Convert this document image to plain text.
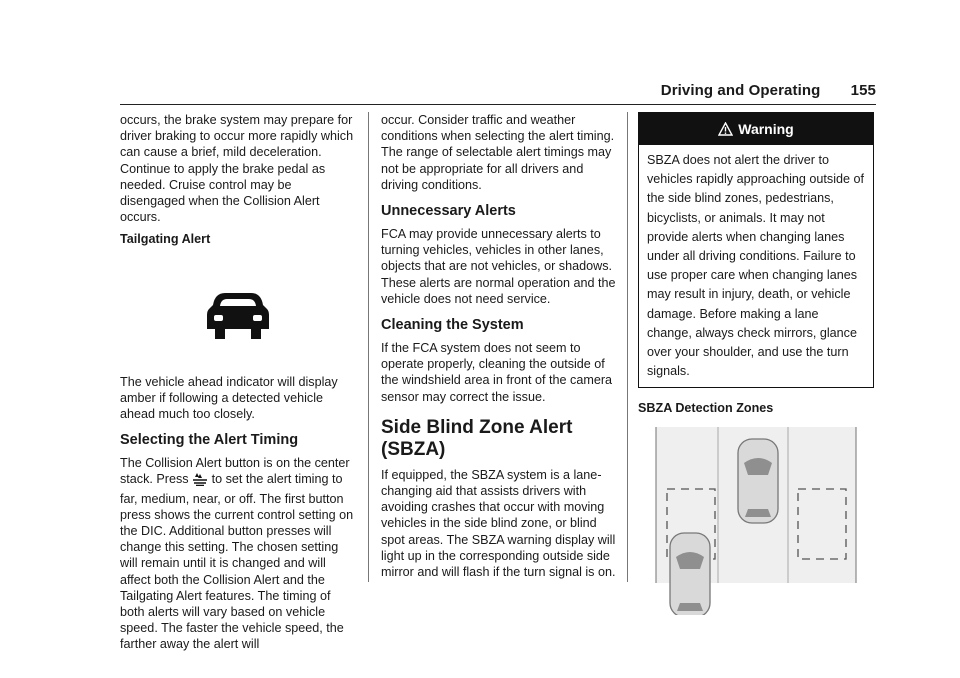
Driving and Operating 155

occurs, the brake system may prepare for driver braking to occur more rapidly which can cause a brief, mild deceleration. Continue to apply the brake pedal as needed. Cruise control may be disengaged when the Collision Alert occurs.

Tailgating Alert

The vehicle ahead indicator will display amber if following a detected vehicle ahead much too closely.

Selecting the Alert Timing

The Collision Alert button is on the center stack. Press  to set the alert timing to far, medium, near, or off. The first button press shows the current control setting on the DIC. Additional button presses will change this setting. The chosen setting will remain until it is changed and will affect both the Collision Alert and the Tailgating Alert features. The timing of both alerts will vary based on vehicle speed. The faster the vehicle speed, the farther away the alert will

occur. Consider traffic and weather conditions when selecting the alert timing. The range of selectable alert timings may not be appropriate for all drivers and driving conditions.

Unnecessary Alerts

FCA may provide unnecessary alerts to turning vehicles, vehicles in other lanes, objects that are not vehicles, or shadows. These alerts are normal operation and the vehicle does not need service.

Cleaning the System

If the FCA system does not seem to operate properly, cleaning the outside of the windshield area in front of the camera sensor may correct the issue.

Side Blind Zone Alert (SBZA)

If equipped, the SBZA system is a lane-changing aid that assists drivers with avoiding crashes that occur with moving vehicles in the side blind zone, or blind spot areas. The SBZA warning display will light up in the corresponding outside side mirror and will flash if the turn signal is on.

Warning
SBZA does not alert the driver to vehicles rapidly approaching outside of the side blind zones, pedestrians, bicyclists, or animals. It may not provide alerts when changing lanes under all driving conditions. Failure to use proper care when changing lanes may result in injury, death, or vehicle damage. Before making a lane change, always check mirrors, glance over your shoulder, and use the turn signals.

SBZA Detection Zones
